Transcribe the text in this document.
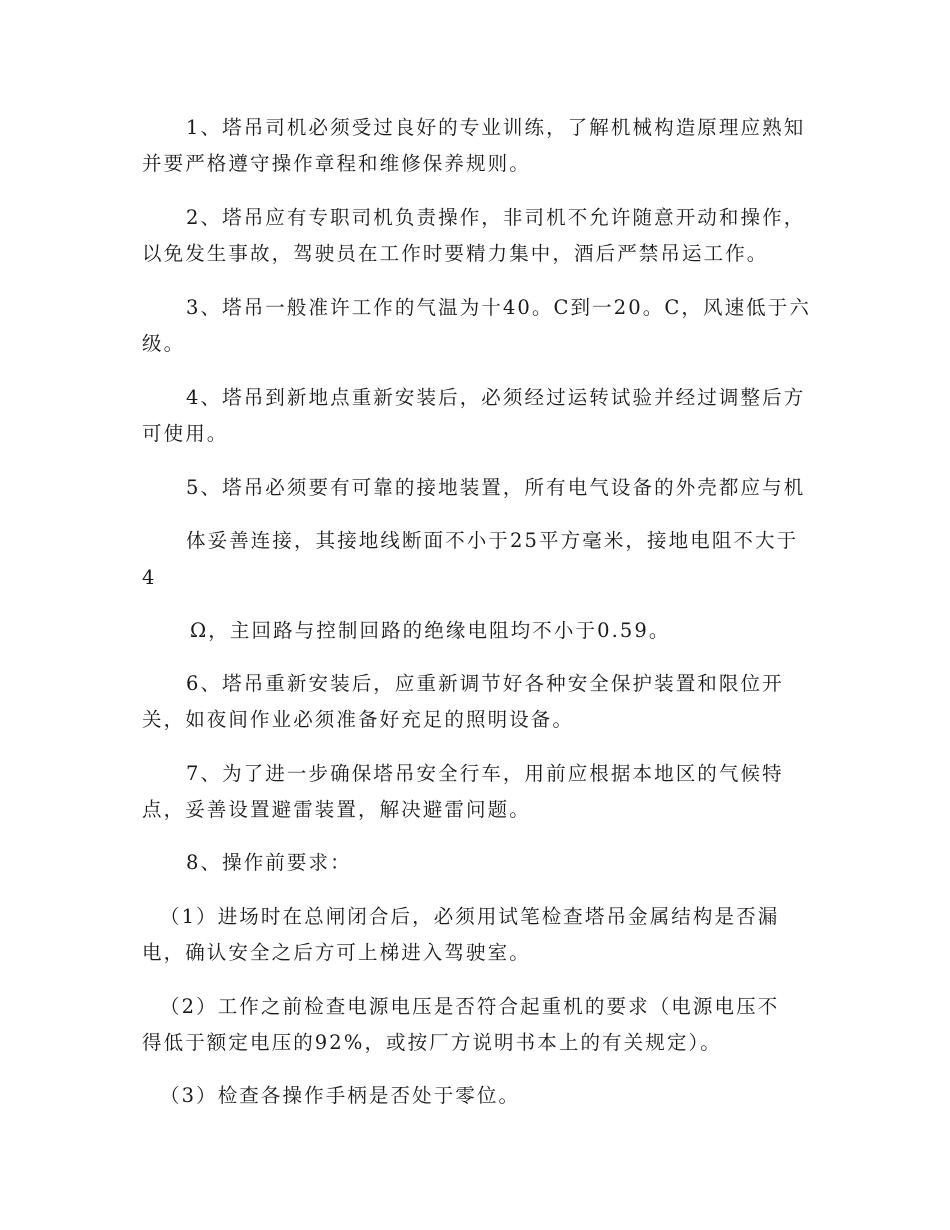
1、塔吊司机必须受过良好的专业训练，了解机械构造原理应熟知
并要严格遵守操作章程和维修保养规则。
2、塔吊应有专职司机负责操作，非司机不允许随意开动和操作，
以免发生事故，驾驶员在工作时要精力集中，酒后严禁吊运工作。
3、塔吊一般准许工作的气温为十40。C到一20。C，风速低于六
级。
4、塔吊到新地点重新安装后，必须经过运转试验并经过调整后方
可使用。
5、塔吊必须要有可靠的接地装置，所有电气设备的外壳都应与机
体妥善连接，其接地线断面不小于25平方毫米，接地电阻不大于
4
Ω，主回路与控制回路的绝缘电阻均不小于0.59。
6、塔吊重新安装后，应重新调节好各种安全保护装置和限位开
关，如夜间作业必须准备好充足的照明设备。
7、为了进一步确保塔吊安全行车，用前应根据本地区的气候特
点，妥善设置避雷装置，解决避雷问题。
8、操作前要求：
（1）进场时在总闸闭合后，必须用试笔检查塔吊金属结构是否漏
电，确认安全之后方可上梯进入驾驶室。
（2）工作之前检查电源电压是否符合起重机的要求（电源电压不
得低于额定电压的92%，或按厂方说明书本上的有关规定）。
（3）检查各操作手柄是否处于零位。
